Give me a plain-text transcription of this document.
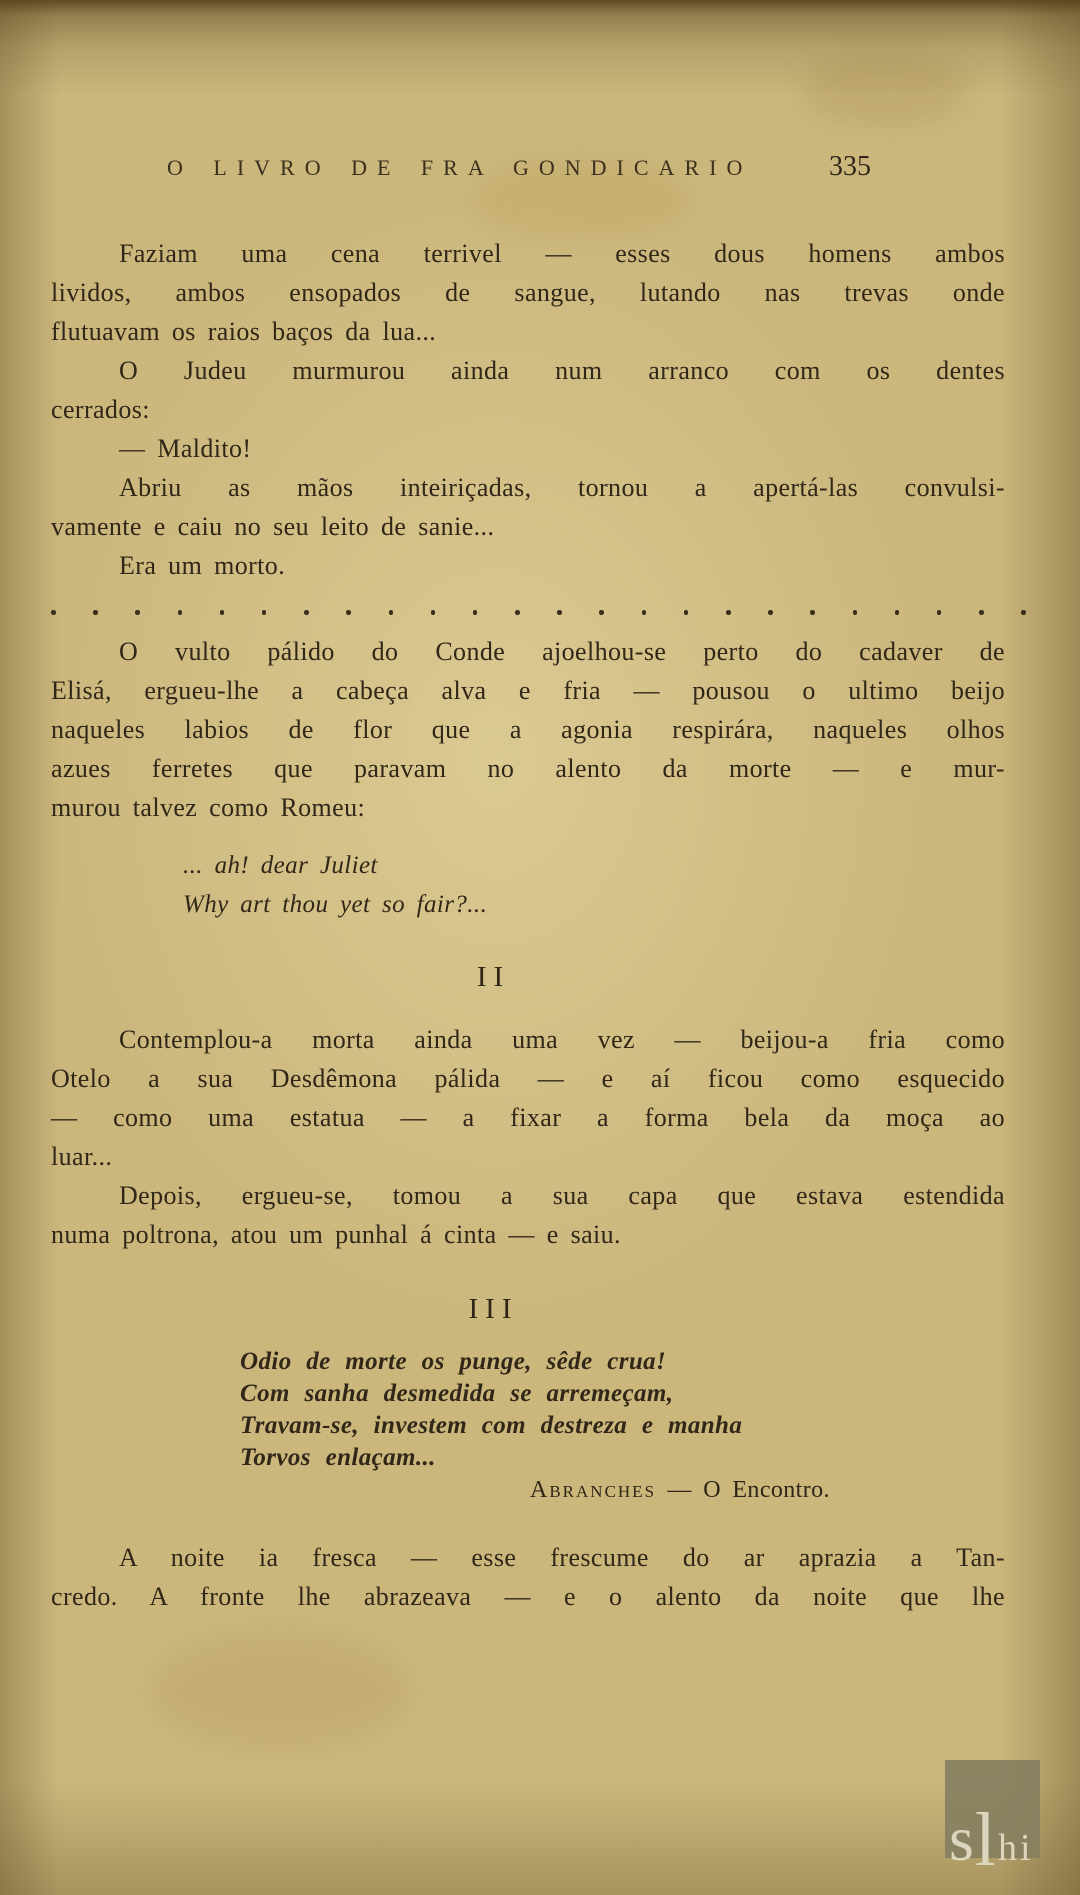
O LIVRO DE FRA GONDICARIO	335
Faziam uma cena terrivel — esses dous homens ambos
lividos, ambos ensopados de sangue, lutando nas trevas onde
flutuavam os raios baços da lua...
O Judeu murmurou ainda num arranco com os dentes
cerrados:
— Maldito!
Abriu as mãos inteiriçadas, tornou a apertá-las convulsi-
vamente e caiu no seu leito de sanie...
Era um morto.
O vulto pálido do Conde ajoelhou-se perto do cadaver de
Elisá, ergueu-lhe a cabeça alva e fria — pousou o ultimo beijo
naqueles labios de flor que a agonia respirára, naqueles olhos
azues ferretes que paravam no alento da morte — e mur-
murou talvez como Romeu:
... ah! dear Juliet
Why art thou yet so fair?...
II
Contemplou-a morta ainda uma vez — beijou-a fria como
Otelo a sua Desdêmona pálida — e aí ficou como esquecido
— como uma estatua — a fixar a forma bela da moça ao
luar...
Depois, ergueu-se, tomou a sua capa que estava estendida
numa poltrona, atou um punhal á cinta — e saiu.
III
Odio de morte os punge, sêde crua!
Com sanha desmedida se arremeçam,
Travam-se, investem com destreza e manha
Torvos enlaçam...
Abranches — O Encontro.
A noite ia fresca — esse frescume do ar aprazia a Tan-
credo. A fronte lhe abrazeava — e o alento da noite que lhe
s l h i
